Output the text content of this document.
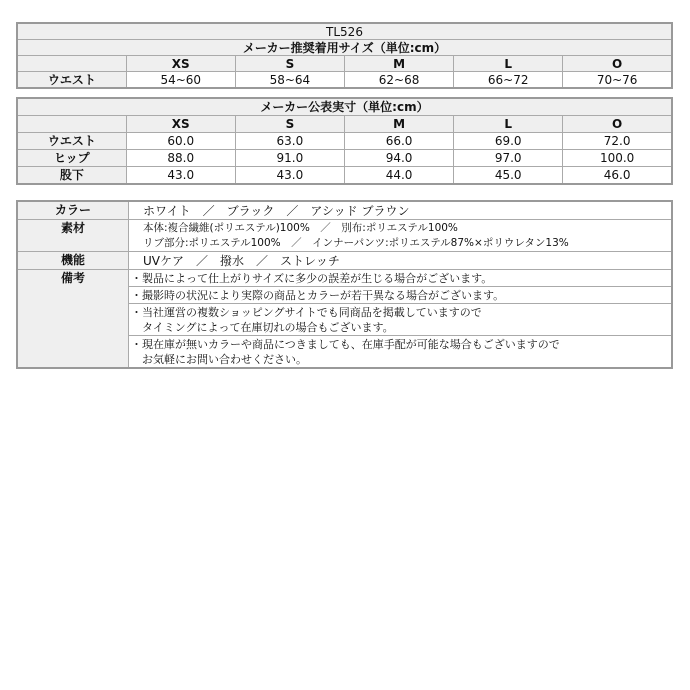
TL526					
メーカー推奨着用サイズ（単位:cm）					
	XS	S	M	L	O
ウエスト	54~60	58~64	62~68	66~72	70~76
メーカー公表実寸（単位:cm）					
	XS	S	M	L	O
ウエスト	60.0	63.0	66.0	69.0	72.0
ヒップ	88.0	91.0	94.0	97.0	100.0
股下	43.0	43.0	44.0	45.0	46.0
カラー	ホワイト　／　ブラック　／　アシッド ブラウン
素材	本体:複合繊維(ポリエステル)100%　／　別布:ポリエステル100%
リブ部分:ポリエステル100%　／　インナーパンツ:ポリエステル87%×ポリウレタン13%

機能	UVケア　／　撥水　／　ストレッチ
備考	・製品によって仕上がりサイズに多少の誤差が生じる場合がございます。
	・撮影時の状況により実際の商品とカラーが若干異なる場合がございます。

	・当社運営の複数ショッピングサイトでも同商品を掲載していますので
　タイミングによって在庫切れの場合もございます。

	・現在庫が無いカラーや商品につきましても、在庫手配が可能な場合もございますので
　お気軽にお問い合わせください。
